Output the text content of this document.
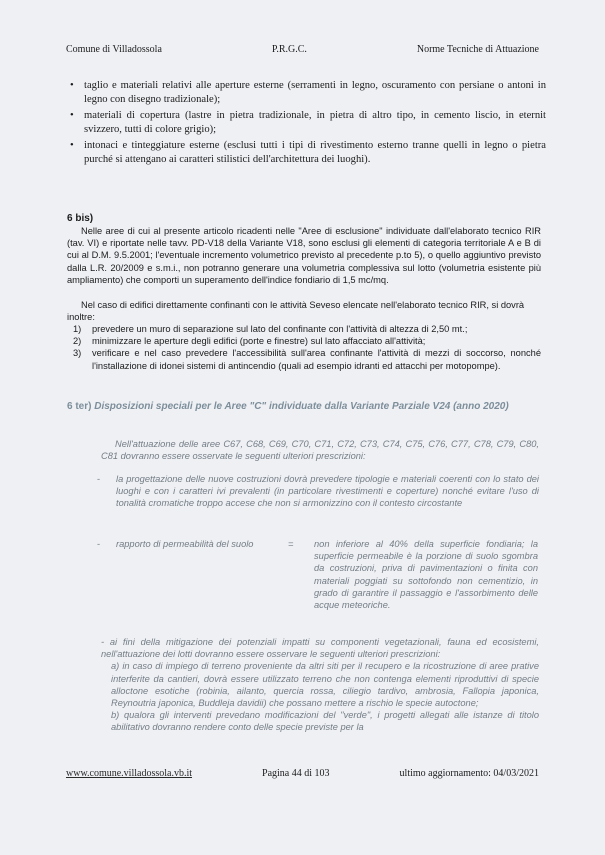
Comune di Villadossola	P.R.G.C.	Norme Tecniche di Attuazione
• taglio e materiali relativi alle aperture esterne (serramenti in legno, oscuramento con persiane o antoni in legno con disegno tradizionale);
• materiali di copertura (lastre in pietra tradizionale, in pietra di altro tipo, in cemento liscio, in eternit svizzero, tutti di colore grigio);
• intonaci e tinteggiature esterne (esclusi tutti i tipi di rivestimento esterno tranne quelli in legno o pietra purché si attengano ai caratteri stilistici dell'architettura dei luoghi).
6 bis)

Nelle aree di cui al presente articolo ricadenti nelle "Aree di esclusione" individuate dall'elaborato tecnico RIR (tav. VI) e riportate nelle tavv. PD-V18 della Variante V18, sono esclusi gli elementi di categoria territoriale A e B di cui al D.M. 9.5.2001; l'eventuale incremento volumetrico previsto al precedente p.to 5), o quello aggiuntivo previsto dalla L.R. 20/2009 e s.m.i., non potranno generare una volumetria complessiva sul lotto (volumetria esistente più ampliamento) che comporti un superamento dell'indice fondiario di 1,5 mc/mq.

Nel caso di edifici direttamente confinanti con le attività Seveso elencate nell'elaborato tecnico RIR, si dovrà inoltre:

1) prevedere un muro di separazione sul lato del confinante con l'attività di altezza di 2,50 mt.;
2) minimizzare le aperture degli edifici (porte e finestre) sul lato affacciato all'attività;
3) verificare e nel caso prevedere l'accessibilità sull'area confinante l'attività di mezzi di soccorso, nonché l'installazione di idonei sistemi di antincendio (quali ad esempio idranti ed attacchi per motopompe).
6 ter) Disposizioni speciali per le Aree "C" individuate dalla Variante Parziale V24 (anno 2020)
Nell'attuazione delle aree C67, C68, C69, C70, C71, C72, C73, C74, C75, C76, C77, C78, C79, C80, C81 dovranno essere osservate le seguenti ulteriori prescrizioni:
- la progettazione delle nuove costruzioni dovrà prevedere tipologie e materiali coerenti con lo stato dei luoghi e con i caratteri ivi prevalenti (in particolare rivestimenti e coperture) nonché evitare l'uso di tonalità cromatiche troppo accese che non si armonizzino con il contesto circostante
- rapporto di permeabilità del suolo	= non inferiore al 40% della superficie fondiaria; la superficie permeabile è la porzione di suolo sgombra da costruzioni, priva di pavimentazioni o finita con materiali poggiati su sottofondo non cementizio, in grado di garantire il passaggio e l'assorbimento delle acque meteoriche.
- ai fini della mitigazione dei potenziali impatti su componenti vegetazionali, fauna ed ecosistemi, nell'attuazione dei lotti dovranno essere osservare le seguenti ulteriori prescrizioni:
a) in caso di impiego di terreno proveniente da altri siti per il recupero e la ricostruzione di aree prative interferite da cantieri, dovrà essere utilizzato terreno che non contenga elementi riproduttivi di specie alloctone esotiche (robinia, ailanto, quercia rossa, ciliegio tardivo, ambrosia, Fallopia japonica, Reynoutria japonica, Buddleja davidii) che possano mettere a rischio le specie autoctone;
b) qualora gli interventi prevedano modificazioni del "verde", i progetti allegati alle istanze di titolo abilitativo dovranno rendere conto delle specie previste per la
www.comune.villadossola.vb.it	Pagina 44 di 103	ultimo aggiornamento: 04/03/2021
